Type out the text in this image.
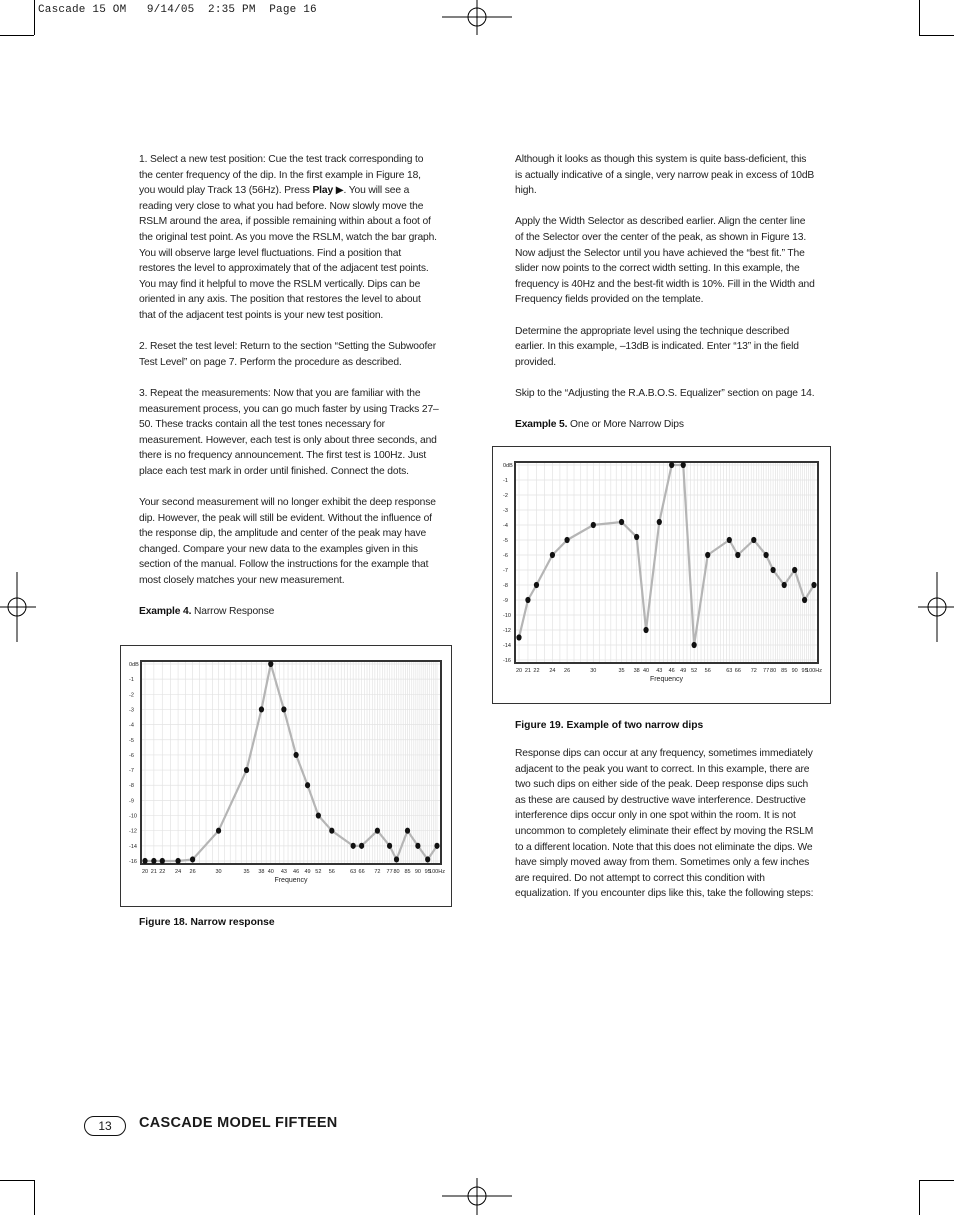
Cascade 15 OM   9/14/05  2:35 PM  Page 16

1. Select a new test position: Cue the test track corresponding to the center frequency of the dip. In the first example in Figure 18, you would play Track 13 (56Hz). Press Play ▶. You will see a reading very close to what you had before. Now slowly move the RSLM around the area, if possible remaining within about a foot of the original test point. As you move the RSLM, watch the bar graph. You will observe large level fluctuations. Find a position that restores the level to approximately that of the adjacent test points. You may find it helpful to move the RSLM vertically. Dips can be oriented in any axis. The position that restores the level to about that of the adjacent test points is your new test position.

2. Reset the test level: Return to the section “Setting the Subwoofer Test Level” on page 7. Perform the procedure as described.

3. Repeat the measurements: Now that you are familiar with the measurement process, you can go much faster by using Tracks 27–50. These tracks contain all the test tones necessary for measurement. However, each test is only about three seconds, and there is no frequency announcement. The first test is 100Hz. Just place each test mark in order until finished. Connect the dots.

Your second measurement will no longer exhibit the deep response dip. However, the peak will still be evident. Without the influence of the response dip, the amplitude and center of the peak may have changed. Compare your new data to the examples given in this section of the manual. Follow the instructions for the example that most closely matches your new measurement.

Example 4. Narrow Response

0dB
-1
-2
-3
-4
-5
-6
-7
-8
-9
-10
-12
-14
-16
20 21 22 24 26	30	35 38 40 43 46 49 52 56	63 66 72 77 80 85 90 95
100Hz
Frequency
Figure 18. Narrow response

Although it looks as though this system is quite bass-deficient, this is actually indicative of a single, very narrow peak in excess of 10dB high.

Apply the Width Selector as described earlier. Align the center line of the Selector over the center of the peak, as shown in Figure 13. Now adjust the Selector until you have achieved the “best fit.” The slider now points to the correct width setting. In this example, the frequency is 40Hz and the best-fit width is 10%. Fill in the Width and Frequency fields provided on the template.

Determine the appropriate level using the technique described earlier. In this example, –13dB is indicated. Enter “13” in the field provided.

Skip to the “Adjusting the R.A.B.O.S. Equalizer” section on page 14.

Example 5. One or More Narrow Dips

0dB
-1
-2
-3
-4
-5
-6
-7
-8
-9
-10
-12
-14
-16
20 21 22 24 26	30	35 38 40 43 46 49 52 56	63 66 72 77 80 85 90 95
100Hz
Frequency
Figure 19. Example of two narrow dips

Response dips can occur at any frequency, sometimes immediately adjacent to the peak you want to correct. In this example, there are two such dips on either side of the peak. Deep response dips such as these are caused by destructive wave interference. Destructive interference dips occur only in one spot within the room. It is not uncommon to completely eliminate their effect by moving the RSLM to a different location. Note that this does not eliminate the dips. We have simply moved away from them. Sometimes only a few inches are required. Do not attempt to correct this condition with equalization. If you encounter dips like this, take the following steps:

13	CASCADE MODEL FIFTEEN
